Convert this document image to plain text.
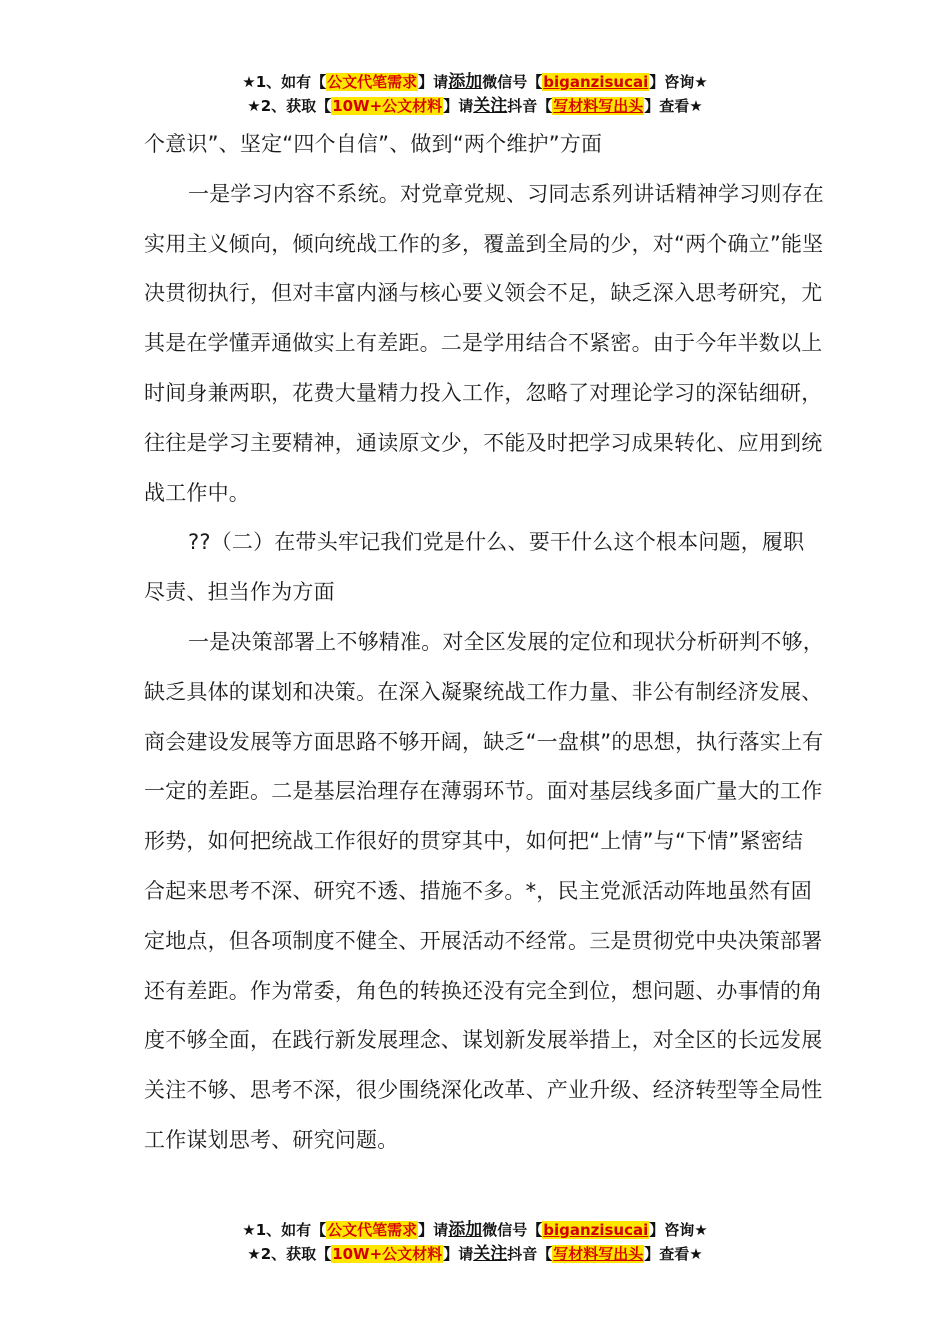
★1、如有【公文代笔需求】请添加微信号【biganzisucai】咨询★
★2、获取【10W+公文材料】请关注抖音【写材料写出头】查看★

个意识”、坚定“四个自信”、做到“两个维护”方面

一是学习内容不系统。对党章党规、习同志系列讲话精神学习则存在实用主义倾向，倾向统战工作的多，覆盖到全局的少，对“两个确立”能坚决贯彻执行，但对丰富内涵与核心要义领会不足，缺乏深入思考研究，尤其是在学懂弄通做实上有差距。二是学用结合不紧密。由于今年半数以上时间身兼两职，花费大量精力投入工作，忽略了对理论学习的深钻细研，往往是学习主要精神，通读原文少，不能及时把学习成果转化、应用到统战工作中。

??（二）在带头牢记我们党是什么、要干什么这个根本问题，履职尽责、担当作为方面

一是决策部署上不够精准。对全区发展的定位和现状分析研判不够，缺乏具体的谋划和决策。在深入凝聚统战工作力量、非公有制经济发展、商会建设发展等方面思路不够开阔，缺乏“一盘棋”的思想，执行落实上有一定的差距。二是基层治理存在薄弱环节。面对基层线多面广量大的工作形势，如何把统战工作很好的贯穿其中，如何把“上情”与“下情”紧密结合起来思考不深、研究不透、措施不多。*，民主党派活动阵地虽然有固定地点，但各项制度不健全、开展活动不经常。三是贯彻党中央决策部署还有差距。作为常委，角色的转换还没有完全到位，想问题、办事情的角度不够全面，在践行新发展理念、谋划新发展举措上，对全区的长远发展关注不够、思考不深，很少围绕深化改革、产业升级、经济转型等全局性工作谋划思考、研究问题。

★1、如有【公文代笔需求】请添加微信号【biganzisucai】咨询★
★2、获取【10W+公文材料】请关注抖音【写材料写出头】查看★
